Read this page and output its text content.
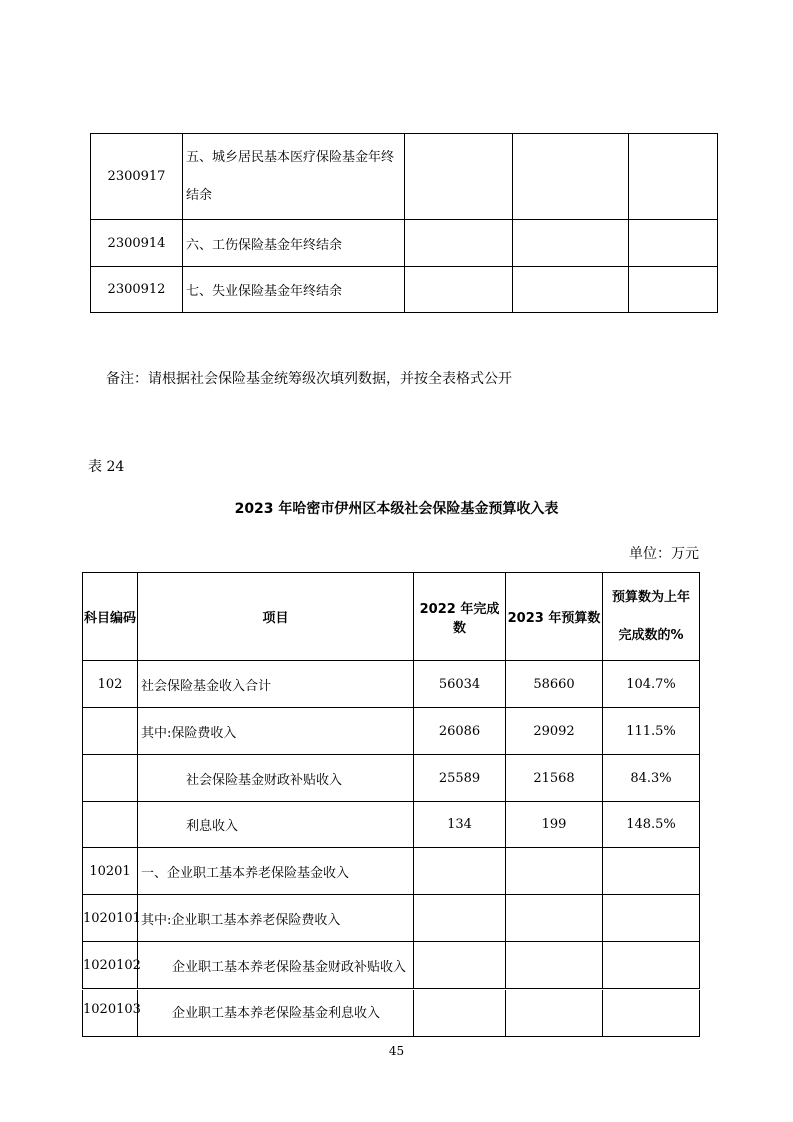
2300917	五、城乡居民基本医疗保险基金年终
结余			

2300914	六、工伤保险基金年终结余			
2300912	七、失业保险基金年终结余			
备注：请根据社会保险基金统筹级次填列数据，并按全表格式公开
表 24
2023 年哈密市伊州区本级社会保险基金预算收入表
单位：万元
科目编码	项目	2022 年完成数	2023 年预算数	预算数为上年
完成数的%

102	社会保险基金收入合计	56034	58660	104.7%
	其中:保险费收入	26086	29092	111.5%
	社会保险基金财政补贴收入	25589	21568	84.3%
	利息收入	134	199	148.5%
10201	一、企业职工基本养老保险基金收入			
1020101	其中:企业职工基本养老保险费收入			
1020102	企业职工基本养老保险基金财政补贴收入			
1020103	企业职工基本养老保险基金利息收入			
45
